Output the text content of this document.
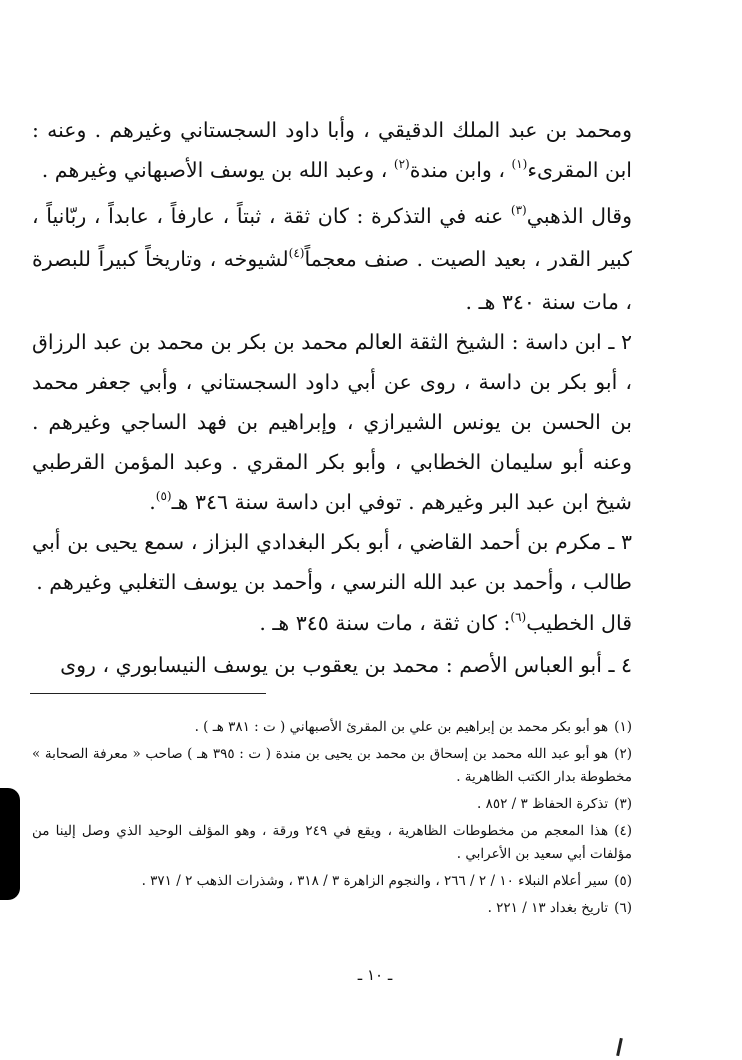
ومحمد بن عبد الملك الدقيقي ، وأبا داود السجستاني وغيرهم . وعنه : ابن المقرىء$^{(١)}$ ، وابن مندة$^{(٢)}$ ، وعبد الله بن يوسف الأصبهاني وغيرهم .

وقال الذهبي$^{(٣)}$ عنه في التذكرة : كان ثقة ، ثبتاً ، عارفاً ، عابداً ، ربّانياً ، كبير القدر ، بعيد الصيت . صنف معجماً$^{(٤)}$لشيوخه ، وتاريخاً كبيراً للبصرة ، مات سنة ٣٤٠ هـ .

٢ ـ ابن داسة : الشيخ الثقة العالم محمد بن بكر بن محمد بن عبد الرزاق ، أبو بكر بن داسة ، روى عن أبي داود السجستاني ، وأبي جعفر محمد بن الحسن بن يونس الشيرازي ، وإبراهيم بن فهد الساجي وغيرهم . وعنه أبو سليمان الخطابي ، وأبو بكر المقري . وعبد المؤمن القرطبي شيخ ابن عبد البر وغيرهم . توفي ابن داسة سنة ٣٤٦ هـ$^{(٥)}$.

٣ ـ مكرم بن أحمد القاضي ، أبو بكر البغدادي البزاز ، سمع يحيى بن أبي طالب ، وأحمد بن عبد الله النرسي ، وأحمد بن يوسف التغلبي وغيرهم .

قال الخطيب$^{(٦)}$: كان ثقة ، مات سنة ٣٤٥ هـ .

٤ ـ أبو العباس الأصم : محمد بن يعقوب بن يوسف النيسابوري ، روى

(١)هو أبو بكر محمد بن إبراهيم بن علي بن المقرئ الأصبهاني ( ت : ٣٨١ هـ ) .

(٢)هو أبو عبد الله محمد بن إسحاق بن محمد بن يحيى بن مندة ( ت : ٣٩٥ هـ ) صاحب « معرفة الصحابة » مخطوطة بدار الكتب الظاهرية .

(٣)تذكرة الحفاظ ٣ / ٨٥٢ .

(٤)هذا المعجم من مخطوطات الظاهرية ، ويقع في ٢٤٩ ورقة ، وهو المؤلف الوحيد الذي وصل إلينا من مؤلفات أبي سعيد بن الأعرابي .

(٥)سير أعلام النبلاء ١٠ / ٢ / ٢٦٦ ، والنجوم الزاهرة ٣ / ٣١٨ ، وشذرات الذهب ٢ / ٣٧١ .

(٦)تاريخ بغداد ١٣ / ٢٢١ .

ـ ١٠ ـ
